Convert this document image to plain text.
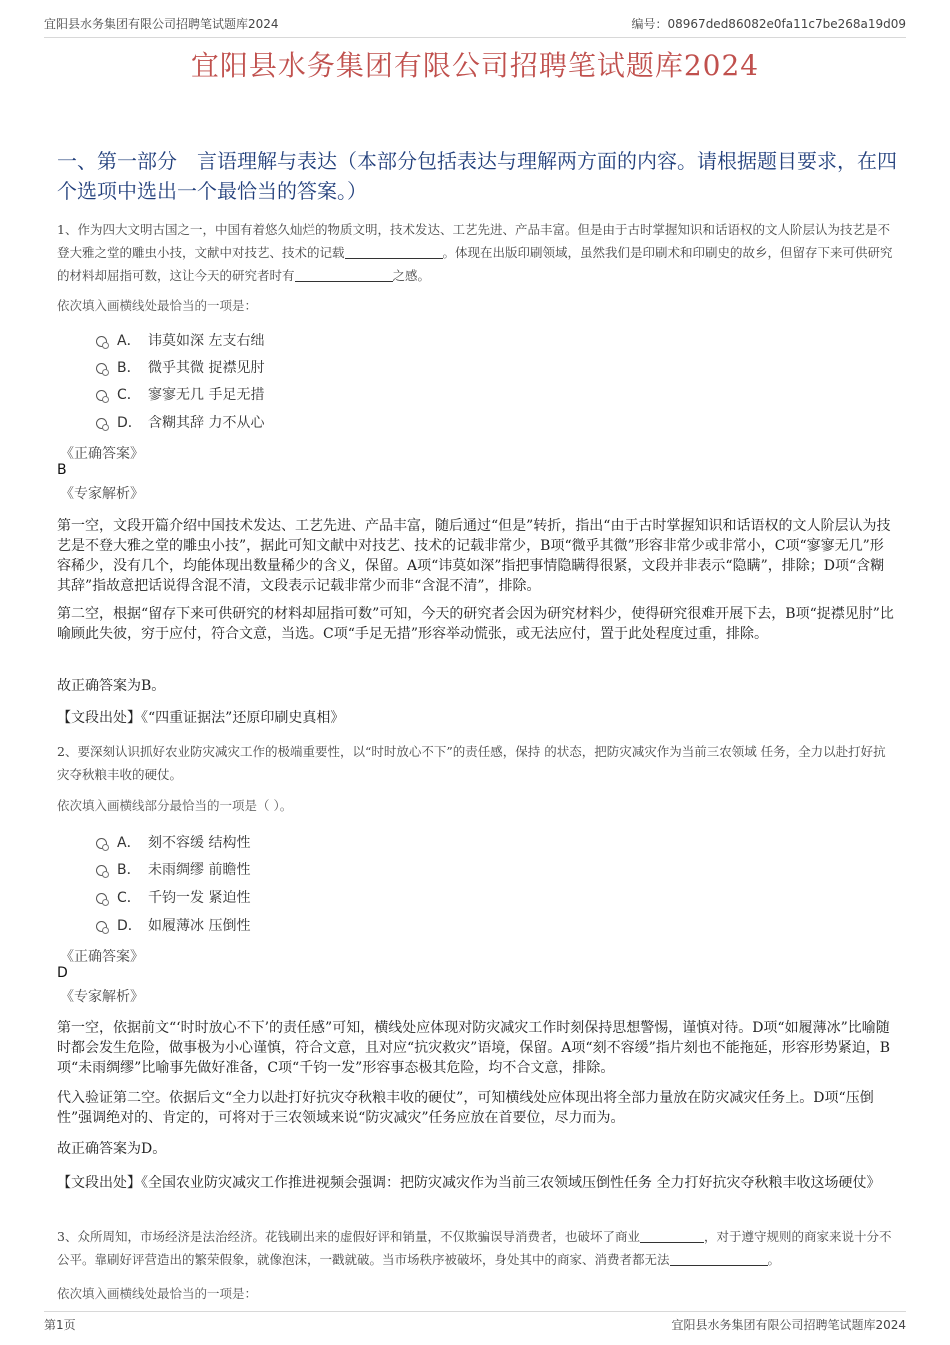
宜阳县水务集团有限公司招聘笔试题库2024	编号：08967ded86082e0fa11c7be268a19d09
宜阳县水务集团有限公司招聘笔试题库2024
一、第一部分　言语理解与表达（本部分包括表达与理解两方面的内容。请根据题目要求，在四个选项中选出一个最恰当的答案。）
1、作为四大文明古国之一，中国有着悠久灿烂的物质文明，技术发达、工艺先进、产品丰富。但是由于古时掌握知识和话语权的文人阶层认为技艺是不登大雅之堂的雕虫小技，文献中对技艺、技术的记载	。体现在出版印刷领域，虽然我们是印刷术和印刷史的故乡，但留存下来可供研究的材料却屈指可数，这让今天的研究者时有	之感。
依次填入画横线处最恰当的一项是：
A． 讳莫如深 左支右绌
B． 微乎其微 捉襟见肘
C． 寥寥无几 手足无措
D． 含糊其辞 力不从心
《正确答案》
B
《专家解析》
第一空，文段开篇介绍中国技术发达、工艺先进、产品丰富，随后通过“但是”转折，指出“由于古时掌握知识和话语权的文人阶层认为技艺是不登大雅之堂的雕虫小技”，据此可知文献中对技艺、技术的记载非常少，B项“微乎其微”形容非常少或非常小，C项“寥寥无几”形容稀少，没有几个，均能体现出数量稀少的含义，保留。A项“讳莫如深”指把事情隐瞒得很紧，文段并非表示“隐瞒”，排除；D项“含糊其辞”指故意把话说得含混不清，文段表示记载非常少而非“含混不清”，排除。
第二空，根据“留存下来可供研究的材料却屈指可数”可知，今天的研究者会因为研究材料少，使得研究很难开展下去，B项“捉襟见肘”比喻顾此失彼，穷于应付，符合文意，当选。C项“手足无措”形容举动慌张，或无法应付，置于此处程度过重，排除。
故正确答案为B。
【文段出处】《“四重证据法”还原印刷史真相》
2、要深刻认识抓好农业防灾减灾工作的极端重要性，以“时时放心不下”的责任感，保持 的状态，把防灾减灾作为当前三农领域 任务，全力以赴打好抗灾夺秋粮丰收的硬仗。
依次填入画横线部分最恰当的一项是（ ）。
A． 刻不容缓 结构性
B． 未雨绸缪 前瞻性
C． 千钧一发 紧迫性
D． 如履薄冰 压倒性
《正确答案》
D
《专家解析》
第一空，依据前文“‘时时放心不下’的责任感”可知，横线处应体现对防灾减灾工作时刻保持思想警惕，谨慎对待。D项“如履薄冰”比喻随时都会发生危险，做事极为小心谨慎，符合文意，且对应“抗灾救灾”语境，保留。A项“刻不容缓”指片刻也不能拖延，形容形势紧迫，B项“未雨绸缪”比喻事先做好准备，C项“千钧一发”形容事态极其危险，均不合文意，排除。
代入验证第二空。依据后文“全力以赴打好抗灾夺秋粮丰收的硬仗”，可知横线处应体现出将全部力量放在防灾减灾任务上。D项“压倒性”强调绝对的、肯定的，可将对于三农领域来说“防灾减灾”任务应放在首要位，尽力而为。
故正确答案为D。
【文段出处】《全国农业防灾减灾工作推进视频会强调：把防灾减灾作为当前三农领域压倒性任务 全力打好抗灾夺秋粮丰收这场硬仗》
3、众所周知，市场经济是法治经济。花钱刷出来的虚假好评和销量，不仅欺骗误导消费者，也破坏了商业	，对于遵守规则的商家来说十分不公平。靠刷好评营造出的繁荣假象，就像泡沫，一戳就破。当市场秩序被破坏，身处其中的商家、消费者都无法	。
依次填入画横线处最恰当的一项是：
第1页	宜阳县水务集团有限公司招聘笔试题库2024
